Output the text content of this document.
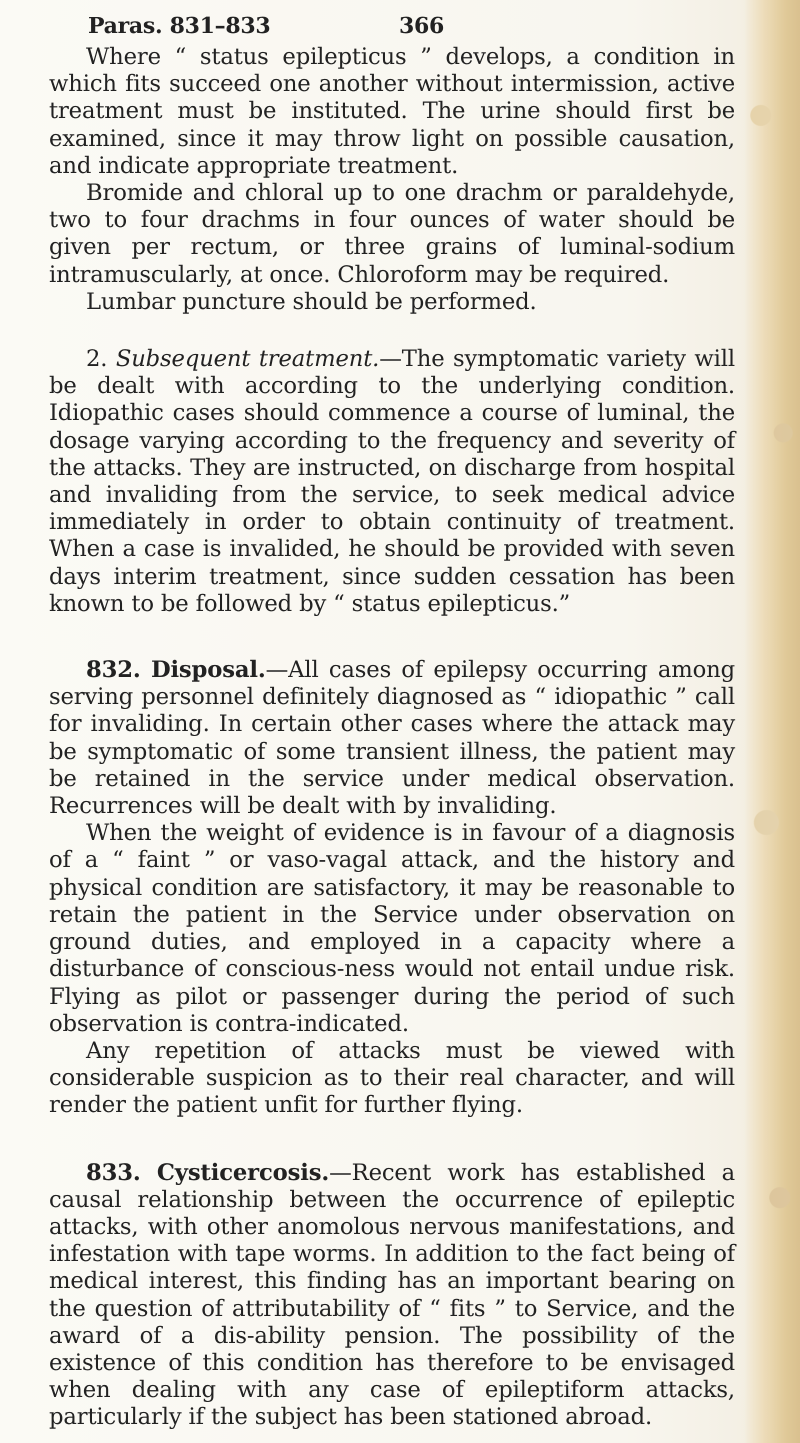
Paras. 831–833	366

Where “ status epilepticus ” develops, a condition in which fits succeed one another without intermission, active treatment must be instituted. The urine should first be examined, since it may throw light on possible causation, and indicate appropriate treatment.

Bromide and chloral up to one drachm or paraldehyde, two to four drachms in four ounces of water should be given per rectum, or three grains of luminal-sodium intramuscularly, at once. Chloroform may be required.

Lumbar puncture should be performed.

2. Subsequent treatment.—The symptomatic variety will be dealt with according to the underlying condition. Idiopathic cases should commence a course of luminal, the dosage varying according to the frequency and severity of the attacks. They are instructed, on discharge from hospital and invaliding from the service, to seek medical advice immediately in order to obtain continuity of treatment. When a case is invalided, he should be provided with seven days interim treatment, since sudden cessation has been known to be followed by “ status epilepticus.”

832. Disposal.—All cases of epilepsy occurring among serving personnel definitely diagnosed as “ idiopathic ” call for invaliding. In certain other cases where the attack may be symptomatic of some transient illness, the patient may be retained in the service under medical observation. Recurrences will be dealt with by invaliding.

When the weight of evidence is in favour of a diagnosis of a “ faint ” or vaso-vagal attack, and the history and physical condition are satisfactory, it may be reasonable to retain the patient in the Service under observation on ground duties, and employed in a capacity where a disturbance of conscious-ness would not entail undue risk. Flying as pilot or passenger during the period of such observation is contra-indicated.

Any repetition of attacks must be viewed with considerable suspicion as to their real character, and will render the patient unfit for further flying.

833. Cysticercosis.—Recent work has established a causal relationship between the occurrence of epileptic attacks, with other anomolous nervous manifestations, and infestation with tape worms. In addition to the fact being of medical interest, this finding has an important bearing on the question of attributability of “ fits ” to Service, and the award of a dis-ability pension. The possibility of the existence of this condition has therefore to be envisaged when dealing with any case of epileptiform attacks, particularly if the subject has been stationed abroad.
